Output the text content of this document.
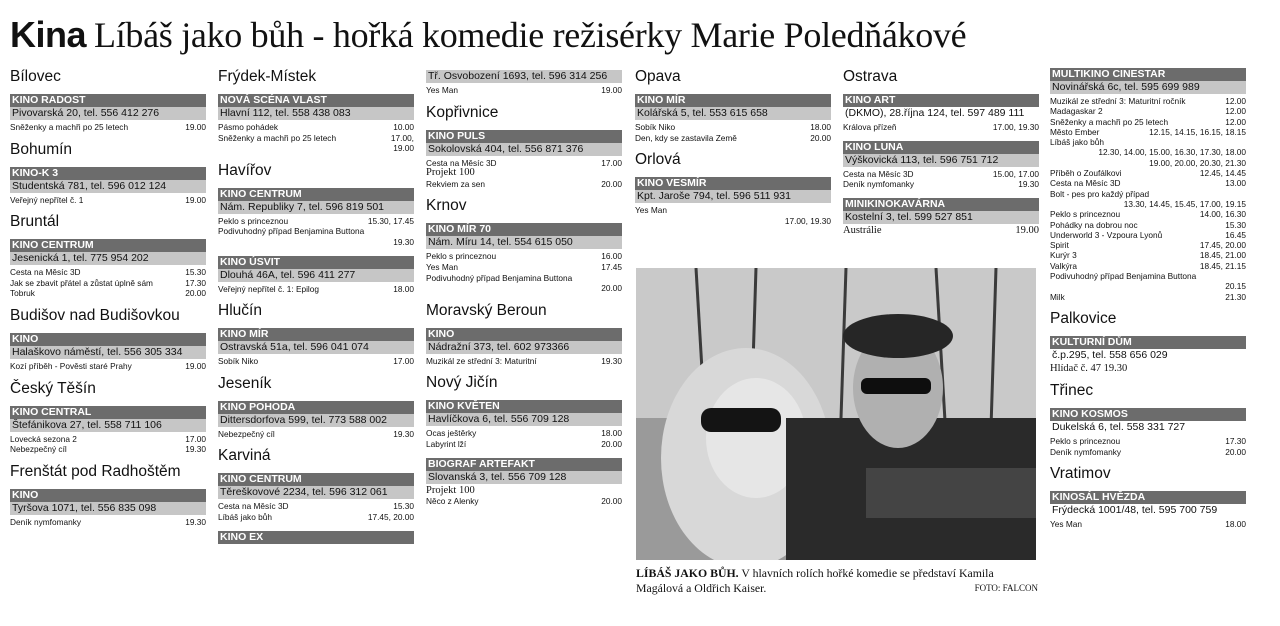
Kina Líbáš jako bůh - hořká komedie režisérky Marie Poledňákové
Bílovec
KINO RADOST
Pivovarská 20, tel. 556 412 276
Sněženky a machři po 25 letech	19.00
Bohumín
KINO-K 3
Studentská 781, tel. 596 012 124
Veřejný nepřítel č. 1	19.00
Bruntál
KINO CENTRUM
Jesenická 1, tel. 775 954 202
Cesta na Měsíc 3D	15.30
Jak se zbavit přátel a zůstat úplně sám	17.30
Tobruk	20.00
Budišov nad Budišovkou
KINO
Halaškovo náměstí, tel. 556 305 334
Kozí příběh - Pověsti staré Prahy	19.00
Český Těšín
KINO CENTRAL
Štefánikova 27, tel. 558 711 106
Lovecká sezona 2	17.00
Nebezpečný cíl	19.30
Frenštát pod Radhoštěm
KINO
Tyršova 1071, tel. 556 835 098
Deník nymfomanky	19.30
Frýdek-Místek
NOVÁ SCÉNA VLAST
Hlavní 112, tel. 558 438 083
Pásmo pohádek	10.00
Sněženky a machři po 25 letech	17.00,
19.00
Havířov
KINO CENTRUM
Nám. Republiky 7, tel. 596 819 501
Peklo s princeznou	15.30, 17.45
Podivuhodný případ Benjamina Buttona
19.30
KINO ÚSVIT
Dlouhá 46A, tel. 596 411 277
Veřejný nepřítel č. 1: Epilog	18.00
Hlučín
KINO MÍR
Ostravská 51a, tel. 596 041 074
Sobík Niko	17.00
Jeseník
KINO POHODA
Dittersdorfova 599, tel. 773 588 002
Nebezpečný cíl	19.30
Karviná
KINO CENTRUM
Těreškovové 2234, tel. 596 312 061
Cesta na Měsíc 3D	15.30
Líbáš jako bůh	17.45, 20.00
KINO EX
Tř. Osvobození 1693, tel. 596 314 256
Yes Man	19.00
Kopřivnice
KINO PULS
Sokolovská 404, tel. 556 871 376
Cesta na Měsíc 3D	17.00
Projekt 100
Rekviem za sen	20.00
Krnov
KINO MÍR 70
Nám. Míru 14, tel. 554 615 050
Peklo s princeznou	16.00
Yes Man	17.45
Podivuhodný případ Benjamina Buttona
20.00
Moravský Beroun
KINO
Nádražní 373, tel. 602 973366
Muzikál ze střední 3: Maturitní	19.30
Nový Jičín
KINO KVĚTEN
Havlíčkova 6, tel. 556 709 128
Ocas ještěrky	18.00
Labyrint lží	20.00
BIOGRAF ARTEFAKT
Slovanská 3, tel. 556 709 128
Projekt 100
Něco z Alenky	20.00
Opava
KINO MÍR
Kolářská 5, tel. 553 615 658
Sobík Niko	18.00
Den, kdy se zastavila Země	20.00
Orlová
KINO VESMÍR
Kpt. Jaroše 794, tel. 596 511 931
Yes Man
17.00, 19.30
Ostrava
KINO ART
(DKMO), 28.října 124, tel. 597 489 111
Králova přízeň	17.00, 19.30
KINO LUNA
Výškovická 113, tel. 596 751 712
Cesta na Měsíc 3D	15.00, 17.00
Deník nymfomanky	19.30
MINIKINOKAVÁRNA
Kostelní 3, tel. 599 527 851
Austrálie	19.00
MULTIKINO CINESTAR
Novinářská 6c, tel. 595 699 989
Muzikál ze střední 3: Maturitní ročník	12.00
Madagaskar 2	12.00
Sněženky a machři po 25 letech	12.00
Město Ember	12.15, 14.15, 16.15, 18.15
Líbáš jako bůh
12.30, 14.00, 15.00, 16.30, 17.30, 18.00
19.00, 20.00, 20.30, 21.30
Příběh o Zoufálkovi	12.45, 14.45
Cesta na Měsíc 3D	13.00
Bolt - pes pro každý případ
13.30, 14.45, 15.45, 17.00, 19.15
Peklo s princeznou	14.00, 16.30
Pohádky na dobrou noc	15.30
Underworld 3 - Vzpoura Lyonů	16.45
Spirit	17.45, 20.00
Kurýr 3	18.45, 21.00
Valkýra	18.45, 21.15
Podivuhodný případ Benjamina Buttona
20.15
Milk	21.30
Palkovice
KULTURNÍ DŮM
č.p.295, tel. 558 656 029
Hlídač č. 47 19.30
Třinec
KINO KOSMOS
Dukelská 6, tel. 558 331 727
Peklo s princeznou	17.30
Deník nymfomanky	20.00
Vratimov
KINOSÁL HVĚZDA
Frýdecká 1001/48, tel. 595 700 759
Yes Man	18.00
LÍBÁŠ JAKO BŮH. V hlavních rolích hořké komedie se představí Kamila Magálová a Oldřich Kaiser.	FOTO: FALCON
